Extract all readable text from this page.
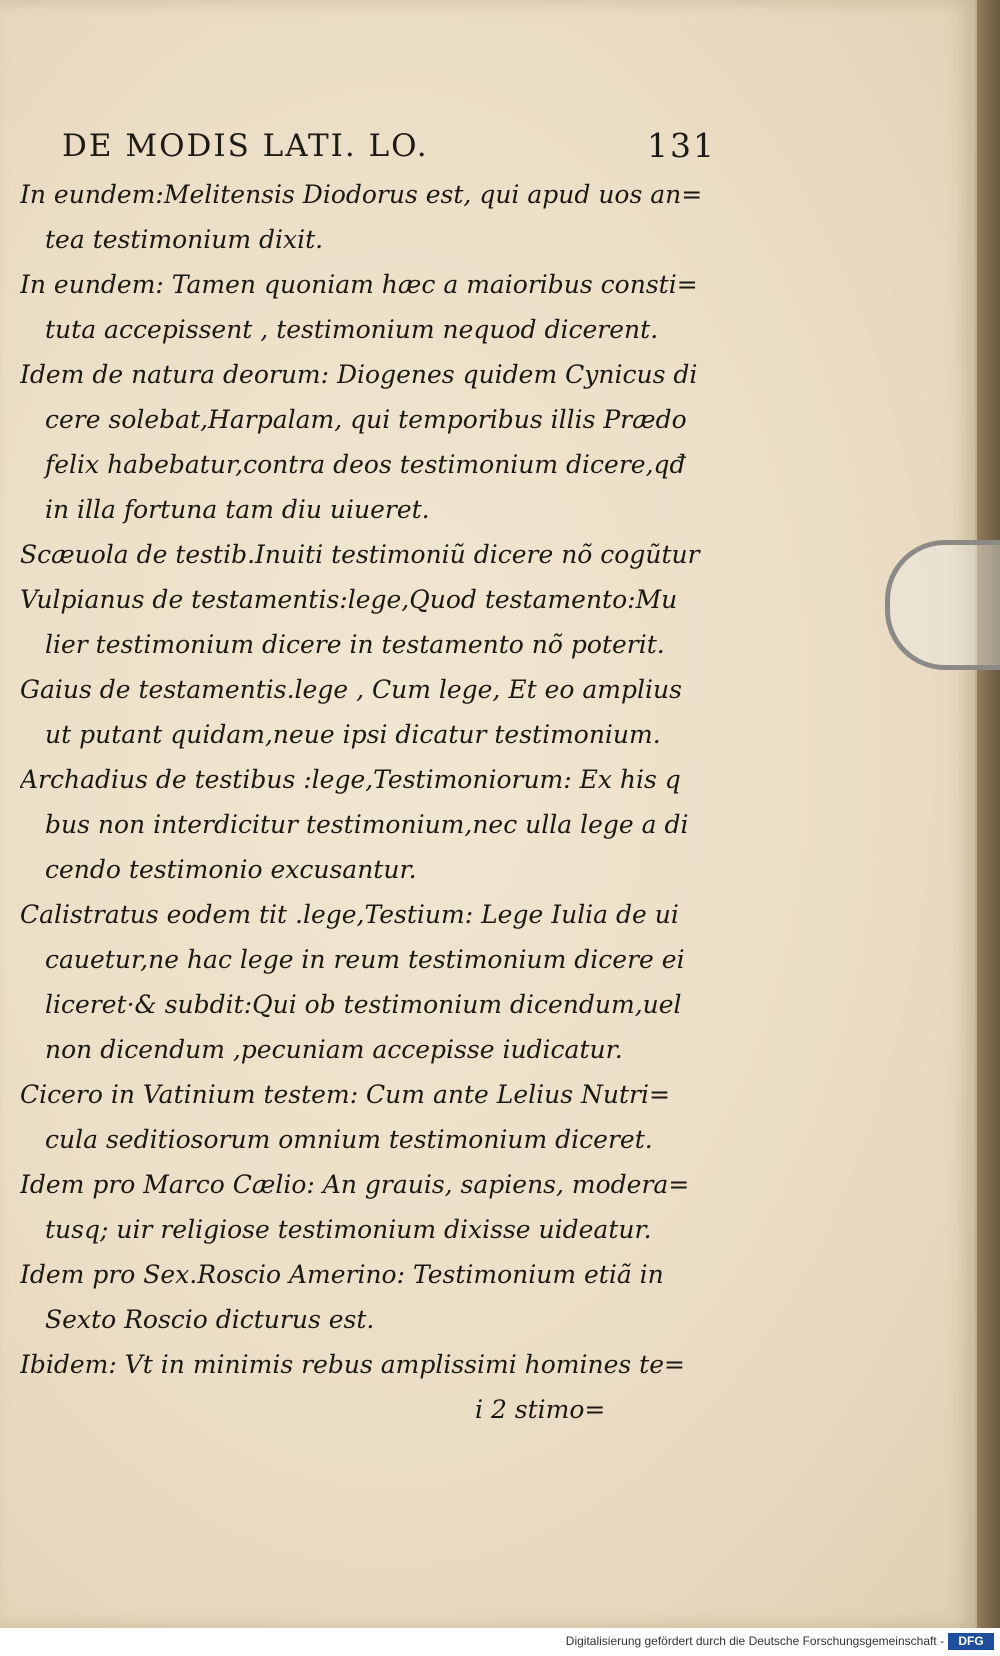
DE MODIS LATI. LO.	131
In eundem:Melitensis Diodorus est, qui apud uos an=
tea testimonium dixit.
In eundem: Tamen quoniam hæc a maioribus consti=
tuta accepissent , testimonium nequod dicerent.
Idem de natura deorum: Diogenes quidem Cynicus di
cere solebat,Harpalam, qui temporibus illis Prædo
felix habebatur,contra deos testimonium dicere,qđ
in illa fortuna tam diu uiueret.
Scæuola de testib.Inuiti testimoniũ dicere nõ cogũtur
Vulpianus de testamentis:lege,Quod testamento:Mu
lier testimonium dicere in testamento nõ poterit.
Gaius de testamentis.lege , Cum lege, Et eo amplius
ut putant quidam,neue ipsi dicatur testimonium.
Archadius de testibus :lege,Testimoniorum: Ex his q
bus non interdicitur testimonium,nec ulla lege a di
cendo testimonio excusantur.
Calistratus eodem tit .lege,Testium: Lege Iulia de ui
cauetur,ne hac lege in reum testimonium dicere ei
liceret·& subdit:Qui ob testimonium dicendum,uel
non dicendum ,pecuniam accepisse iudicatur.
Cicero in Vatinium testem: Cum ante Lelius Nutri=
cula seditiosorum omnium testimonium diceret.
Idem pro Marco Cælio: An grauis, sapiens, modera=
tusq; uir religiose testimonium dixisse uideatur.
Idem pro Sex.Roscio Amerino: Testimonium etiã in
Sexto Roscio dicturus est.
Ibidem: Vt in minimis rebus amplissimi homines te=
i 2 stimo=
Digitalisierung gefördert durch die Deutsche Forschungsgemeinschaft -	DFG
